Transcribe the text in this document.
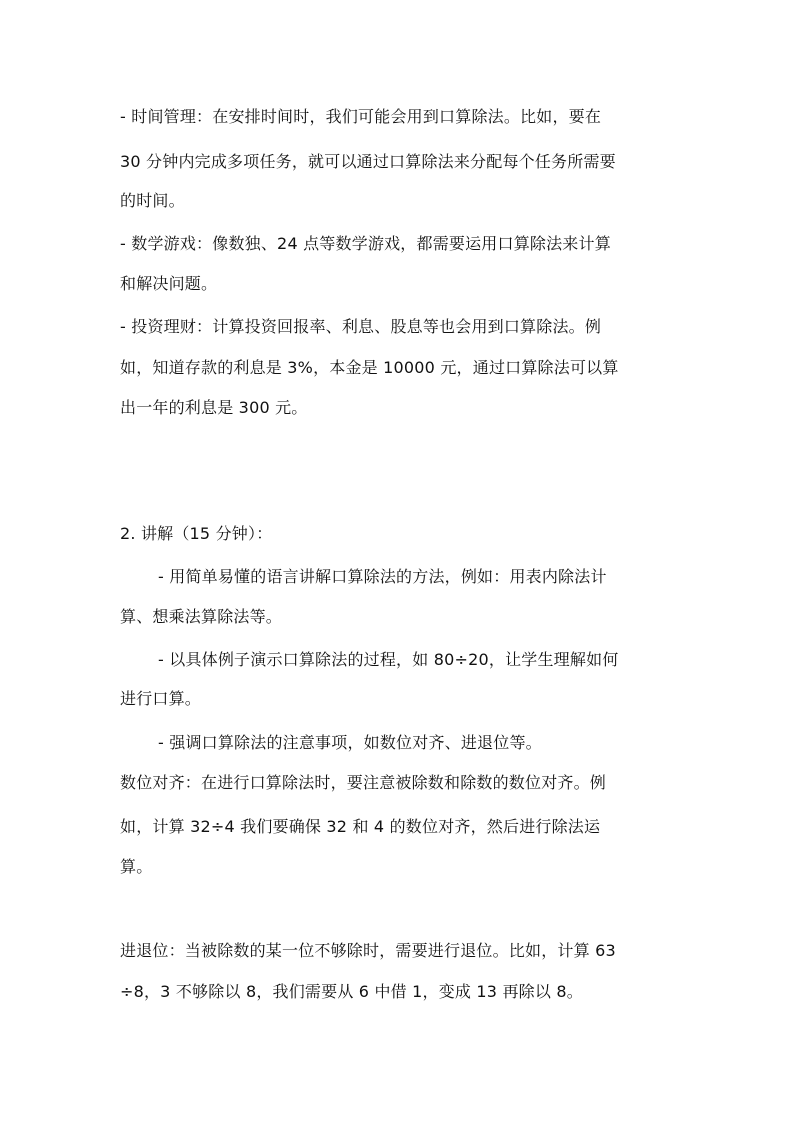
- 时间管理：在安排时间时，我们可能会用到口算除法。比如，要在
30 分钟内完成多项任务，就可以通过口算除法来分配每个任务所需要
的时间。
- 数学游戏：像数独、24 点等数学游戏，都需要运用口算除法来计算
和解决问题。
- 投资理财：计算投资回报率、利息、股息等也会用到口算除法。例
如，知道存款的利息是 3%，本金是 10000 元，通过口算除法可以算
出一年的利息是 300 元。
2. 讲解（15 分钟）：
- 用简单易懂的语言讲解口算除法的方法，例如：用表内除法计
算、想乘法算除法等。
- 以具体例子演示口算除法的过程，如 80÷20，让学生理解如何
进行口算。
- 强调口算除法的注意事项，如数位对齐、进退位等。
数位对齐：在进行口算除法时，要注意被除数和除数的数位对齐。例
如，计算 32÷4 我们要确保 32 和 4 的数位对齐，然后进行除法运
算。
进退位：当被除数的某一位不够除时，需要进行退位。比如，计算 63
÷8，3 不够除以 8，我们需要从 6 中借 1，变成 13 再除以 8。
